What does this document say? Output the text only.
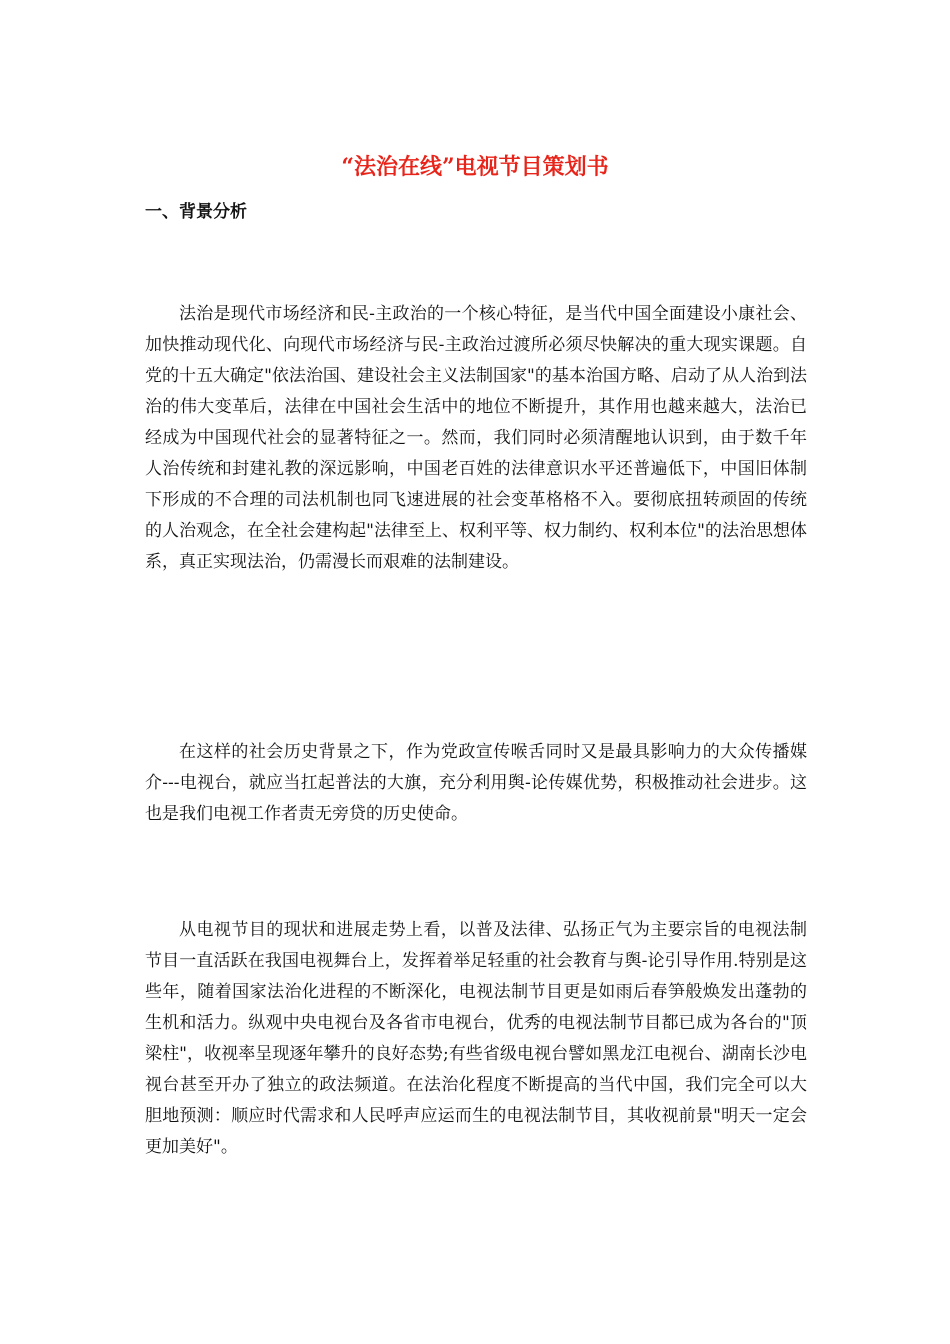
“法治在线”电视节目策划书
一、背景分析

法治是现代市场经济和民-主政治的一个核心特征，是当代中国全面建设小康社会、加快推动现代化、向现代市场经济与民-主政治过渡所必须尽快解决的重大现实课题。自党的十五大确定"依法治国、建设社会主义法制国家"的基本治国方略、启动了从人治到法治的伟大变革后，法律在中国社会生活中的地位不断提升，其作用也越来越大，法治已经成为中国现代社会的显著特征之一。然而，我们同时必须清醒地认识到，由于数千年人治传统和封建礼教的深远影响，中国老百姓的法律意识水平还普遍低下，中国旧体制下形成的不合理的司法机制也同飞速进展的社会变革格格不入。要彻底扭转顽固的传统的人治观念，在全社会建构起"法律至上、权利平等、权力制约、权利本位"的法治思想体系，真正实现法治，仍需漫长而艰难的法制建设。

在这样的社会历史背景之下，作为党政宣传喉舌同时又是最具影响力的大众传播媒介---电视台，就应当扛起普法的大旗，充分利用舆-论传媒优势，积极推动社会进步。这也是我们电视工作者责无旁贷的历史使命。

从电视节目的现状和进展走势上看，以普及法律、弘扬正气为主要宗旨的电视法制节目一直活跃在我国电视舞台上，发挥着举足轻重的社会教育与舆-论引导作用.特别是这些年，随着国家法治化进程的不断深化，电视法制节目更是如雨后春笋般焕发出蓬勃的生机和活力。纵观中央电视台及各省市电视台，优秀的电视法制节目都已成为各台的"顶梁柱"，收视率呈现逐年攀升的良好态势;有些省级电视台譬如黑龙江电视台、湖南长沙电视台甚至开办了独立的政法频道。在法治化程度不断提高的当代中国，我们完全可以大胆地预测：顺应时代需求和人民呼声应运而生的电视法制节目，其收视前景"明天一定会更加美好"。
